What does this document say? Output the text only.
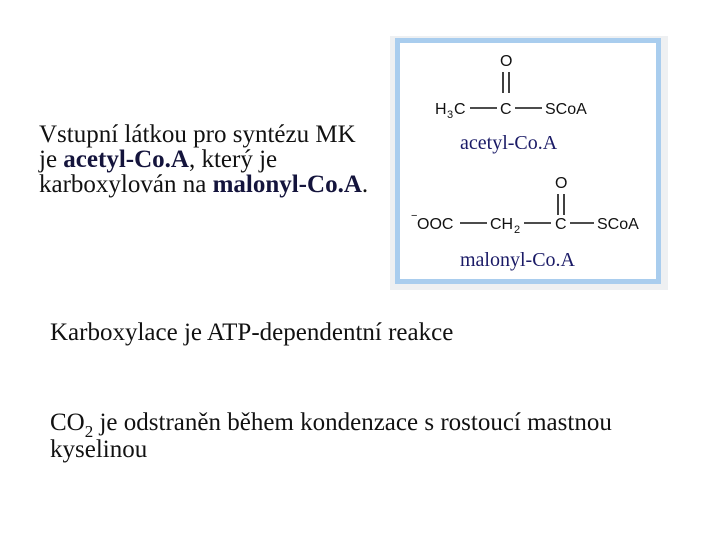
Vstupní látkou pro syntézu MK je acetyl-Co.A, který je karboxylován na malonyl-Co.A.
O
H 3 C C SCoA
acetyl-Co.A
O
− OOC CH 2 C SCoA
malonyl-Co.A
Karboxylace je ATP-dependentní reakce
$CO_2$ je odstraněn během kondenzace s rostoucí mastnou kyselinou
